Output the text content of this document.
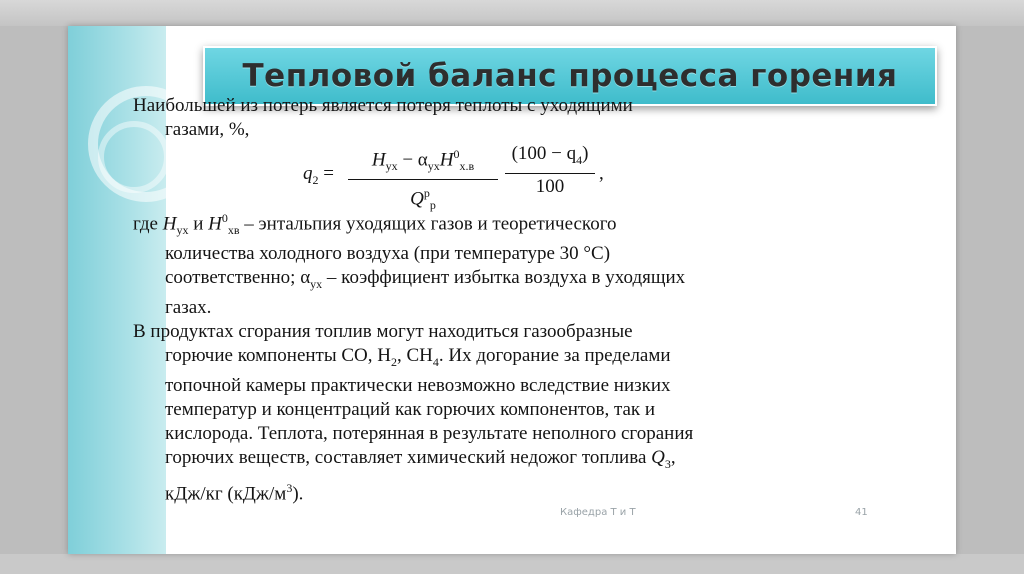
Тепловой баланс процесса горения

Наибольшей из потерь является потеря теплоты с уходящими
газами, %,

$q_2$ =
$H_{ух} - \alpha_{ух}H^0_{х.в}$
$Q^р_р$
$(100 - q_4)$
100
,

где $H_{ух}$ и $H^0_{хв}$ – энтальпия уходящих газов и теоретического
количества холодного воздуха (при температуре 30 °С)
соответственно; $\alpha_{ух}$ – коэффициент избытка воздуха в уходящих
газах.

В продуктах сгорания топлив могут находиться газообразные
горючие компоненты СО, $Н_2$, $СН_4$. Их догорание за пределами
топочной камеры практически невозможно вследствие низких
температур и концентраций как горючих компонентов, так и
кислорода. Теплота, потерянная в результате неполного сгорания
горючих веществ, составляет химический недожог топлива $Q_3$,
кДж/кг $(кДж/м^3)$.

Кафедра Т и Т	41
